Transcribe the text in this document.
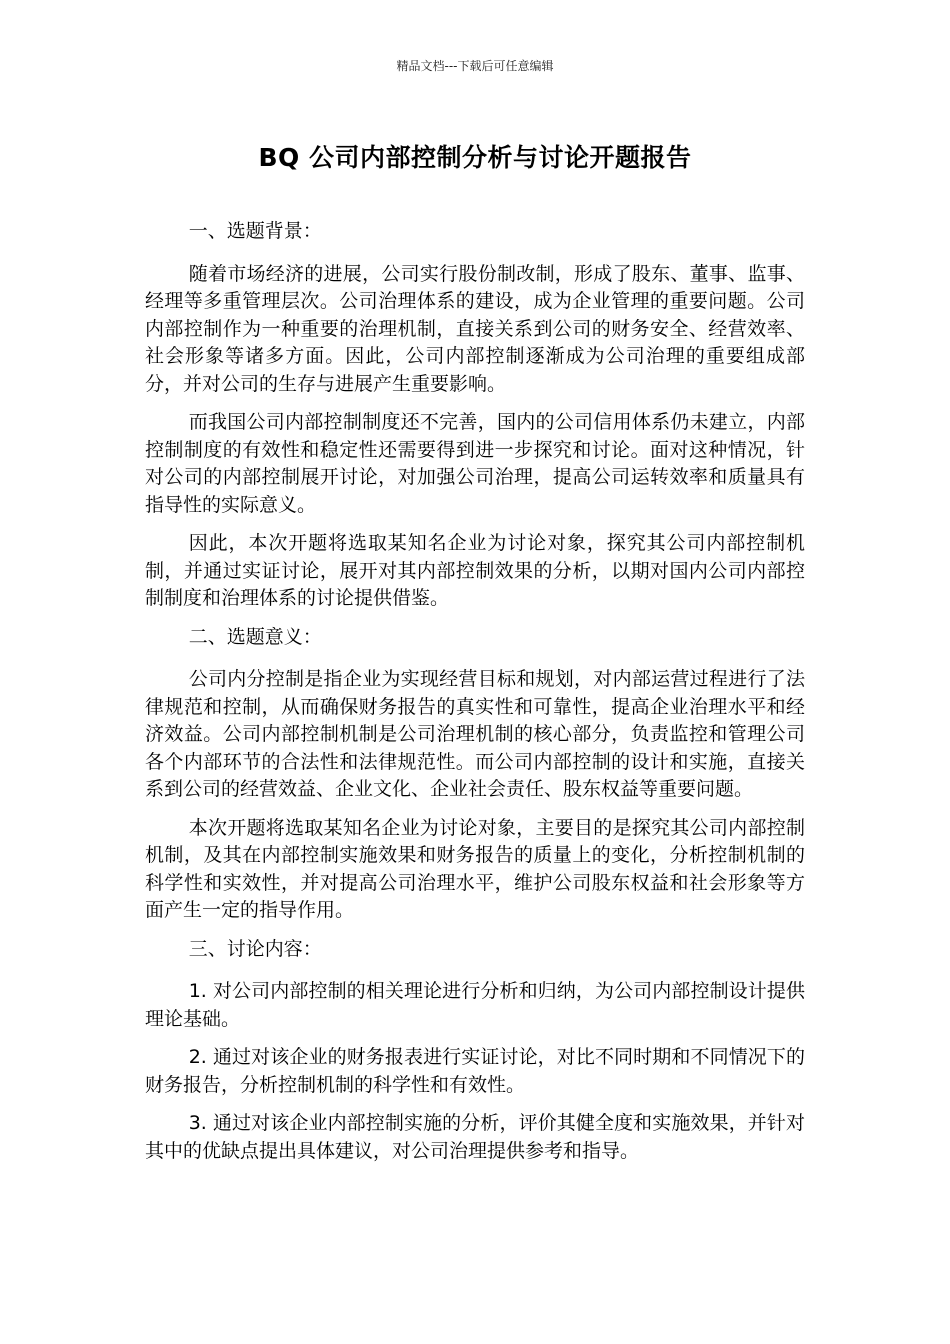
精品文档---下载后可任意编辑
BQ 公司内部控制分析与讨论开题报告

一、选题背景：

随着市场经济的进展，公司实行股份制改制，形成了股东、董事、监事、经理等多重管理层次。公司治理体系的建设，成为企业管理的重要问题。公司内部控制作为一种重要的治理机制，直接关系到公司的财务安全、经营效率、社会形象等诸多方面。因此，公司内部控制逐渐成为公司治理的重要组成部分，并对公司的生存与进展产生重要影响。

而我国公司内部控制制度还不完善，国内的公司信用体系仍未建立，内部控制制度的有效性和稳定性还需要得到进一步探究和讨论。面对这种情况，针对公司的内部控制展开讨论，对加强公司治理，提高公司运转效率和质量具有指导性的实际意义。

因此，本次开题将选取某知名企业为讨论对象，探究其公司内部控制机制，并通过实证讨论，展开对其内部控制效果的分析，以期对国内公司内部控制制度和治理体系的讨论提供借鉴。

二、选题意义：

公司内分控制是指企业为实现经营目标和规划，对内部运营过程进行了法律规范和控制，从而确保财务报告的真实性和可靠性，提高企业治理水平和经济效益。公司内部控制机制是公司治理机制的核心部分，负责监控和管理公司各个内部环节的合法性和法律规范性。而公司内部控制的设计和实施，直接关系到公司的经营效益、企业文化、企业社会责任、股东权益等重要问题。

本次开题将选取某知名企业为讨论对象，主要目的是探究其公司内部控制机制，及其在内部控制实施效果和财务报告的质量上的变化，分析控制机制的科学性和实效性，并对提高公司治理水平，维护公司股东权益和社会形象等方面产生一定的指导作用。

三、讨论内容：

1. 对公司内部控制的相关理论进行分析和归纳，为公司内部控制设计提供理论基础。

2. 通过对该企业的财务报表进行实证讨论，对比不同时期和不同情况下的财务报告，分析控制机制的科学性和有效性。

3. 通过对该企业内部控制实施的分析，评价其健全度和实施效果，并针对其中的优缺点提出具体建议，对公司治理提供参考和指导。
